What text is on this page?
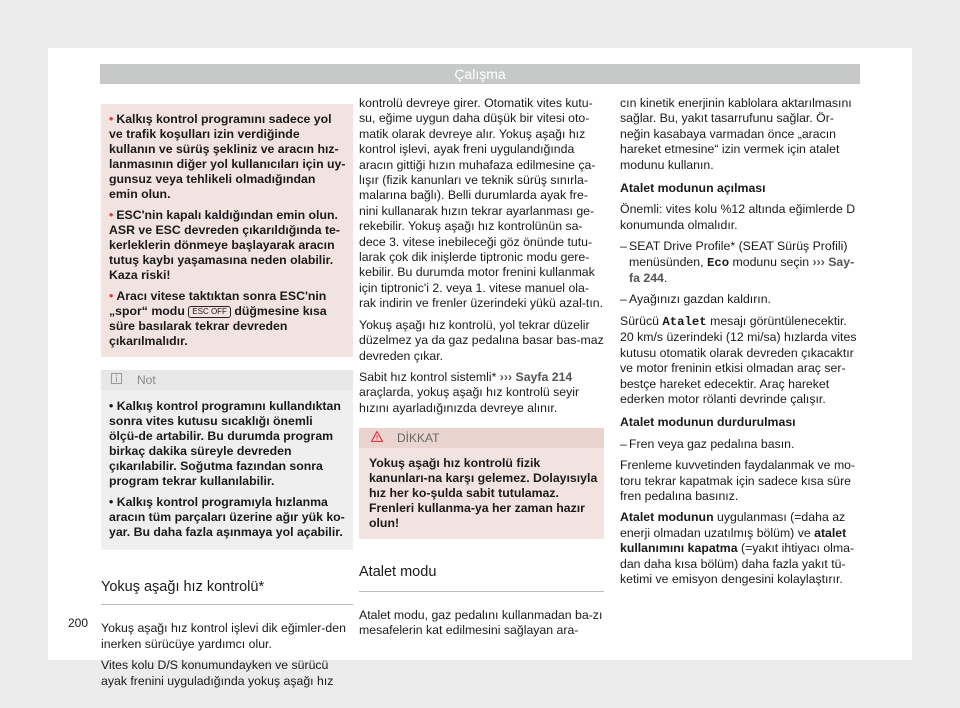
Çalışma

• Kalkış kontrol programını sadece yol ve trafik koşulları izin verdiğinde kullanın ve sürüş şekliniz ve aracın hız-lanmasının diğer yol kullanıcıları için uy-gunsuz veya tehlikeli olmadığından emin olun.

• ESC'nin kapalı kaldığından emin olun. ASR ve ESC devreden çıkarıldığında te-kerleklerin dönmeye başlayarak aracın tutuş kaybı yaşamasına neden olabilir. Kaza riski!

• Aracı vitese taktıktan sonra ESC'nin „spor“ modu ESC OFF düğmesine kısa süre basılarak tekrar devreden çıkarılmalıdır.

Not

• Kalkış kontrol programını kullandıktan sonra vites kutusu sıcaklığı önemli ölçü-de artabilir. Bu durumda program birkaç dakika süreyle devreden çıkarılabilir. Soğutma fazından sonra program tekrar kullanılabilir.

• Kalkış kontrol programıyla hızlanma aracın tüm parçaları üzerine ağır yük ko-yar. Bu daha fazla aşınmaya yol açabilir.

Yokuş aşağı hız kontrolü*

Yokuş aşağı hız kontrol işlevi dik eğimler-den inerken sürücüye yardımcı olur.

Vites kolu D/S konumundayken ve sürücü ayak frenini uyguladığında yokuş aşağı hız

kontrolü devreye girer. Otomatik vites kutu-su, eğime uygun daha düşük bir vitesi oto-matik olarak devreye alır. Yokuş aşağı hız kontrol işlevi, ayak freni uygulandığında aracın gittiği hızın muhafaza edilmesine ça-lışır (fizik kanunları ve teknik sürüş sınırla-malarına bağlı). Belli durumlarda ayak fre-nini kullanarak hızın tekrar ayarlanması ge-rekebilir. Yokuş aşağı hız kontrolünün sa-dece 3. vitese inebileceği göz önünde tutu-larak çok dik inişlerde tiptronic modu gere-kebilir. Bu durumda motor frenini kullanmak için tiptronic'i 2. veya 1. vitese manuel ola-rak indirin ve frenler üzerindeki yükü azal-tın.

Yokuş aşağı hız kontrolü, yol tekrar düzelir düzelmez ya da gaz pedalına basar bas-maz devreden çıkar.

Sabit hız kontrol sistemli* ››› Sayfa 214 araçlarda, yokuş aşağı hız kontrolü seyir hızını ayarladığınızda devreye alınır.

DİKKAT
Yokuş aşağı hız kontrolü fizik kanunları-na karşı gelemez. Dolayısıyla hız her ko-şulda sabit tutulamaz. Frenleri kullanma-ya her zaman hazır olun!
Atalet modu

Atalet modu, gaz pedalını kullanmadan ba-zı mesafelerin kat edilmesini sağlayan ara-

cın kinetik enerjinin kablolara aktarılmasını sağlar. Bu, yakıt tasarrufunu sağlar. Ör-neğin kasabaya varmadan önce „aracın hareket etmesine“ izin vermek için atalet modunu kullanın.

Atalet modunun açılması

Önemli: vites kolu %12 altında eğimlerde D konumunda olmalıdır.

– SEAT Drive Profile* (SEAT Sürüş Profili) menüsünden, Eco modunu seçin ››› Say-fa 244.
– Ayağınızı gazdan kaldırın.

Sürücü Atalet mesajı görüntülenecektir. 20 km/s üzerindeki (12 mi/sa) hızlarda vites kutusu otomatik olarak devreden çıkacaktır ve motor freninin etkisi olmadan araç ser-bestçe hareket edecektir. Araç hareket ederken motor rölanti devrinde çalışır.

Atalet modunun durdurulması

– Fren veya gaz pedalına basın.

Frenleme kuvvetinden faydalanmak ve mo-toru tekrar kapatmak için sadece kısa süre fren pedalına basınız.

Atalet modunun uygulanması (=daha az enerji olmadan uzatılmış bölüm) ve atalet kullanımını kapatma (=yakıt ihtiyacı olma-dan daha kısa bölüm) daha fazla yakıt tü-ketimi ve emisyon dengesini kolaylaştırır.

200
